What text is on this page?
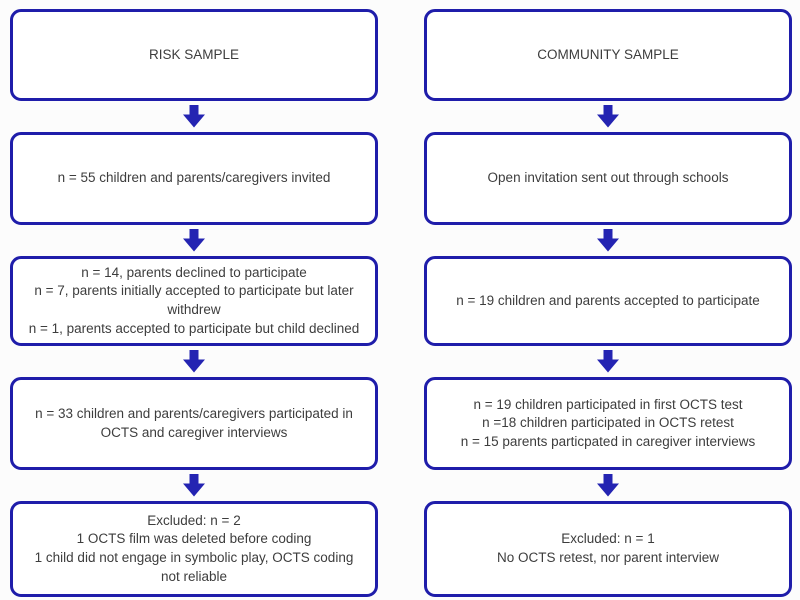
RISK SAMPLE
n = 55 children and parents/caregivers invited
n = 14, parents declined to participate
n = 7, parents initially accepted to participate but later withdrew
n = 1, parents accepted to participate but child declined
n = 33 children and parents/caregivers participated in OCTS and caregiver interviews
Excluded: n = 2
1 OCTS film was deleted before coding
1 child did not engage in symbolic play, OCTS coding not reliable
COMMUNITY SAMPLE
Open invitation sent out through schools
n = 19 children and parents accepted to participate
n = 19 children participated in first OCTS test
n =18 children participated in OCTS retest
n = 15 parents particpated in caregiver interviews
Excluded: n = 1
No OCTS retest, nor parent interview
